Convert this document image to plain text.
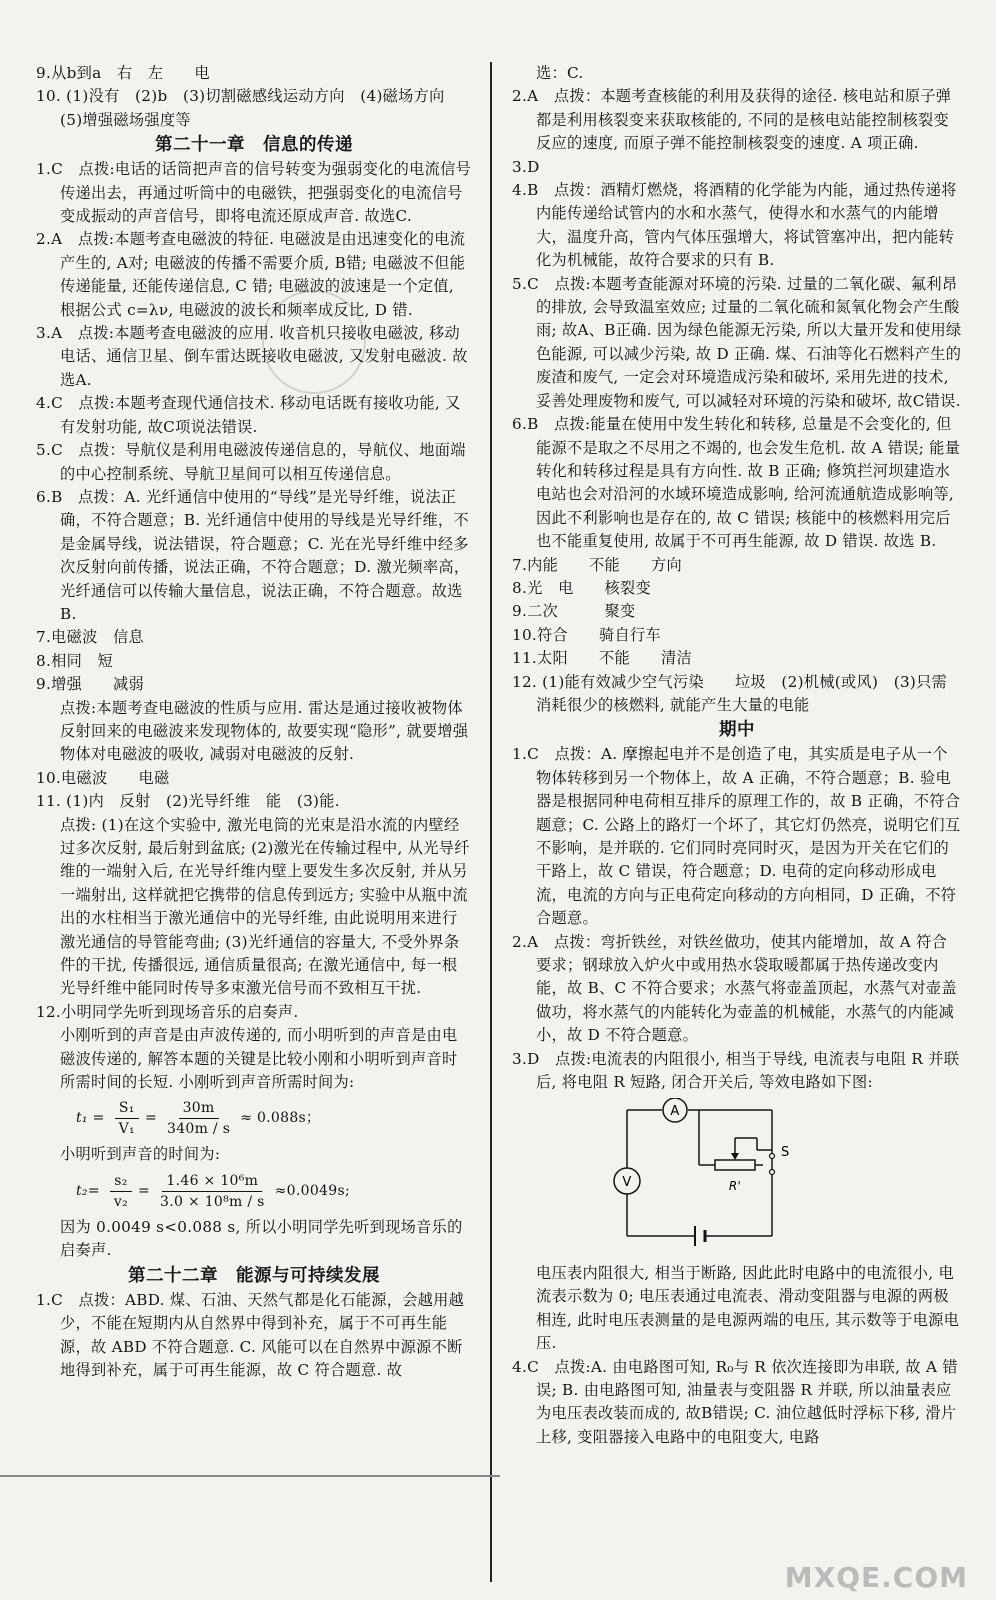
9.从b到a　右　左　　电

10. (1)没有　(2)b　(3)切割磁感线运动方向　(4)磁场方向　(5)增强磁场强度等

第二十一章　信息的传递

1.C　点拨:电话的话筒把声音的信号转变为强弱变化的电流信号传递出去，再通过听筒中的电磁铁，把强弱变化的电流信号变成振动的声音信号，即将电流还原成声音. 故选C.

2.A　点拨:本题考查电磁波的特征. 电磁波是由迅速变化的电流产生的, A对; 电磁波的传播不需要介质, B错; 电磁波不但能传递能量, 还能传递信息, C 错; 电磁波的波速是一个定值, 根据公式 c=λν, 电磁波的波长和频率成反比, D 错.

3.A　点拨:本题考查电磁波的应用. 收音机只接收电磁波, 移动电话、通信卫星、倒车雷达既接收电磁波, 又发射电磁波. 故选A.

4.C　点拨:本题考查现代通信技术. 移动电话既有接收功能, 又有发射功能, 故C项说法错误.

5.C　点拨：导航仪是利用电磁波传递信息的，导航仪、地面端的中心控制系统、导航卫星间可以相互传递信息。

6.B　点拨：A. 光纤通信中使用的“导线”是光导纤维，说法正确，不符合题意；B. 光纤通信中使用的导线是光导纤维，不是金属导线，说法错误，符合题意；C. 光在光导纤维中经多次反射向前传播，说法正确，不符合题意；D. 激光频率高，光纤通信可以传输大量信息，说法正确，不符合题意。故选B.

7.电磁波　信息

8.相同　短

9.增强　　减弱

点拨:本题考查电磁波的性质与应用. 雷达是通过接收被物体反射回来的电磁波来发现物体的, 故要实现“隐形”, 就要增强物体对电磁波的吸收, 减弱对电磁波的反射.

10.电磁波　　电磁

11. (1)内　反射　(2)光导纤维　能　(3)能.

点拨: (1)在这个实验中, 激光电筒的光束是沿水流的内壁经过多次反射, 最后射到盆底; (2)激光在传输过程中, 从光导纤维的一端射入后, 在光导纤维内壁上要发生多次反射, 并从另一端射出, 这样就把它携带的信息传到远方; 实验中从瓶中流出的水柱相当于激光通信中的光导纤维, 由此说明用来进行激光通信的导管能弯曲; (3)光纤通信的容量大, 不受外界条件的干扰, 传播很远, 通信质量很高; 在激光通信中, 每一根光导纤维中能同时传导多束激光信号而不致相互干扰.

12.小明同学先听到现场音乐的启奏声.

小刚听到的声音是由声波传递的, 而小明听到的声音是由电磁波传递的, 解答本题的关键是比较小刚和小明听到声音时所需时间的长短. 小刚听到声音所需时间为:

$t_1 = \frac{\text{S₁}}{\text{V₁}} = \frac{30m}{340m / s} \approx 0.088s$；

小明听到声音的时间为:

$t_2= \frac{\text{s₂}}{\text{v₂}} = \frac{\text{1.46 × 10⁶m}}{\text{3.0 × 10⁸m / s}} \approx 0.0049s$;

因为 0.0049 s<0.088 s, 所以小明同学先听到现场音乐的启奏声.

第二十二章　能源与可持续发展

1.C　点拨：ABD. 煤、石油、天然气都是化石能源，会越用越少，不能在短期内从自然界中得到补充，属于不可再生能源，故 ABD 不符合题意. C. 风能可以在自然界中源源不断地得到补充，属于可再生能源，故 C 符合题意. 故

选：C.

2.A　点拨：本题考查核能的利用及获得的途径. 核电站和原子弹都是利用核裂变来获取核能的, 不同的是核电站能控制核裂变反应的速度, 而原子弹不能控制核裂变的速度. A 项正确.

3.D

4.B　点拨：酒精灯燃烧，将酒精的化学能为内能，通过热传递将内能传递给试管内的水和水蒸气，使得水和水蒸气的内能增大，温度升高，管内气体压强增大，将试管塞冲出，把内能转化为机械能，故符合要求的只有 B.

5.C　点拨:本题考查能源对环境的污染. 过量的二氧化碳、氟利昂的排放, 会导致温室效应; 过量的二氧化硫和氮氧化物会产生酸雨; 故A、B正确. 因为绿色能源无污染, 所以大量开发和使用绿色能源, 可以减少污染, 故 D 正确. 煤、石油等化石燃料产生的废渣和废气, 一定会对环境造成污染和破坏, 采用先进的技术, 妥善处理废物和废气, 可以减轻对环境的污染和破坏, 故C错误.

6.B　点拨:能量在使用中发生转化和转移, 总量是不会变化的, 但能源不是取之不尽用之不竭的, 也会发生危机. 故 A 错误; 能量转化和转移过程是具有方向性. 故 B 正确; 修筑拦河坝建造水电站也会对沿河的水域环境造成影响, 给河流通航造成影响等, 因此不利影响也是存在的, 故 C 错误; 核能中的核燃料用完后也不能重复使用, 故属于不可再生能源, 故 D 错误. 故选 B.

7.内能　　不能　　方向

8.光　电　　核裂变

9.二次　　　聚变

10.符合　　骑自行车

11.太阳　　不能　　清洁

12. (1)能有效减少空气污染　　垃圾　(2)机械(或风)　(3)只需消耗很少的核燃料, 就能产生大量的电能

期中

1.C　点拨：A. 摩擦起电并不是创造了电，其实质是电子从一个物体转移到另一个物体上，故 A 正确，不符合题意；B. 验电器是根据同种电荷相互排斥的原理工作的，故 B 正确，不符合题意；C. 公路上的路灯一个坏了，其它灯仍然亮，说明它们互不影响，是并联的. 它们同时亮同时灭，是因为开关在它们的干路上，故 C 错误，符合题意；D. 电荷的定向移动形成电流，电流的方向与正电荷定向移动的方向相同，D 正确，不符合题意。

2.A　点拨：弯折铁丝，对铁丝做功，使其内能增加，故 A 符合要求；钢球放入炉火中或用热水袋取暖都属于热传递改变内能，故 B、C 不符合要求；水蒸气将壶盖顶起，水蒸气对壶盖做功，将水蒸气的内能转化为壶盖的机械能，水蒸气的内能减小，故 D 不符合题意。

3.D　点拨:电流表的内阻很小, 相当于导线, 电流表与电阻 R 并联后, 将电阻 R 短路, 闭合开关后, 等效电路如下图:

A
V	R'
S

电压表内阻很大, 相当于断路, 因此此时电路中的电流很小, 电流表示数为 0; 电压表通过电流表、滑动变阻器与电源的两极相连, 此时电压表测量的是电源两端的电压, 其示数等于电源电压.

4.C　点拨:A. 由电路图可知, R₀与 R 依次连接即为串联, 故 A 错误; B. 由电路图可知, 油量表与变阻器 R 并联, 所以油量表应为电压表改装而成的, 故B错误; C. 油位越低时浮标下移, 滑片上移, 变阻器接入电路中的电阻变大, 电路

MXQE.COM
